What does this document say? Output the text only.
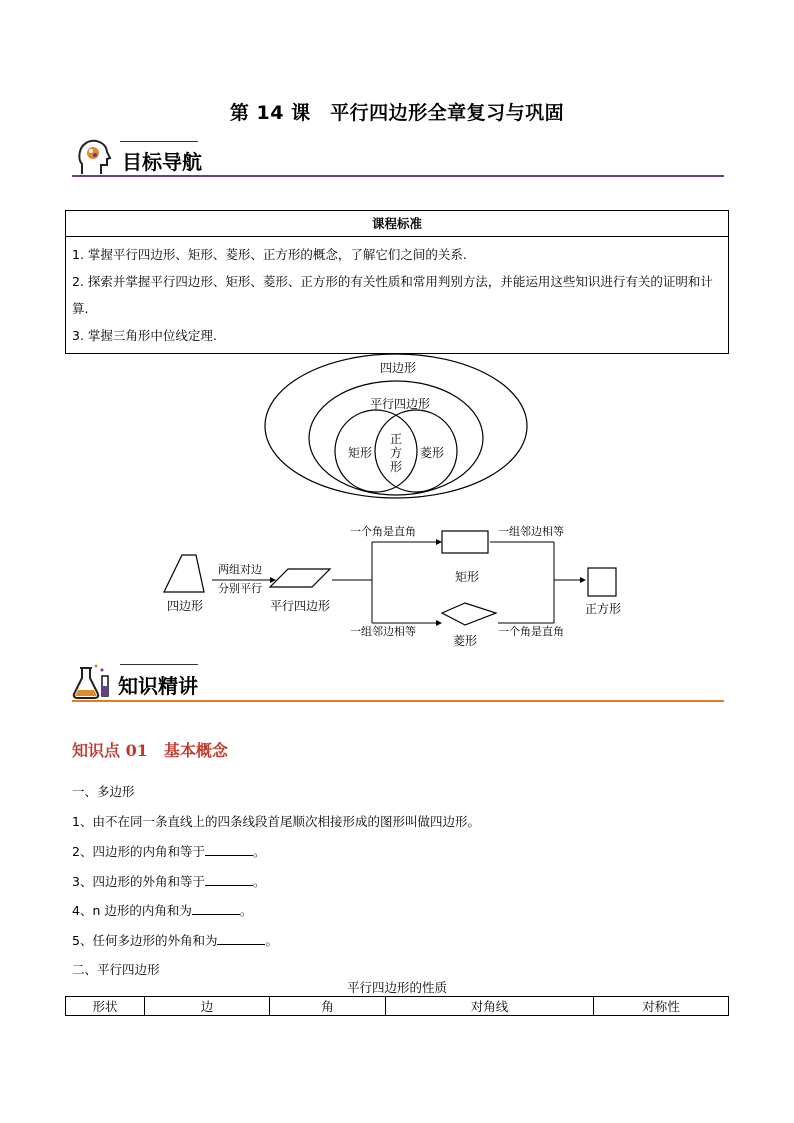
第 14 课　平行四边形全章复习与巩固
目标导航
课程标准

1. 掌握平行四边形、矩形、菱形、正方形的概念，了解它们之间的关系.
2. 探索并掌握平行四边形、矩形、菱形、正方形的有关性质和常用判别方法，并能运用这些知识进行有关的证明和计算.
3. 掌握三角形中位线定理.
四边形
平行四边形
矩形	菱形
正
方
形
四边形
两组对边
分别平行
平行四边形
一个角是直角	一组邻边相等
矩形
一组邻边相等
菱形
一个角是直角
正方形
知识精讲
知识点 01　基本概念
一、多边形
1、由不在同一条直线上的四条线段首尾顺次相接形成的图形叫做四边形。
2、四边形的内角和等于	。
3、四边形的外角和等于	。
4、n 边形的内角和为	。
5、任何多边形的外角和为	。
二、平行四边形
平行四边形的性质
形状	边	角	对角线	对称性
